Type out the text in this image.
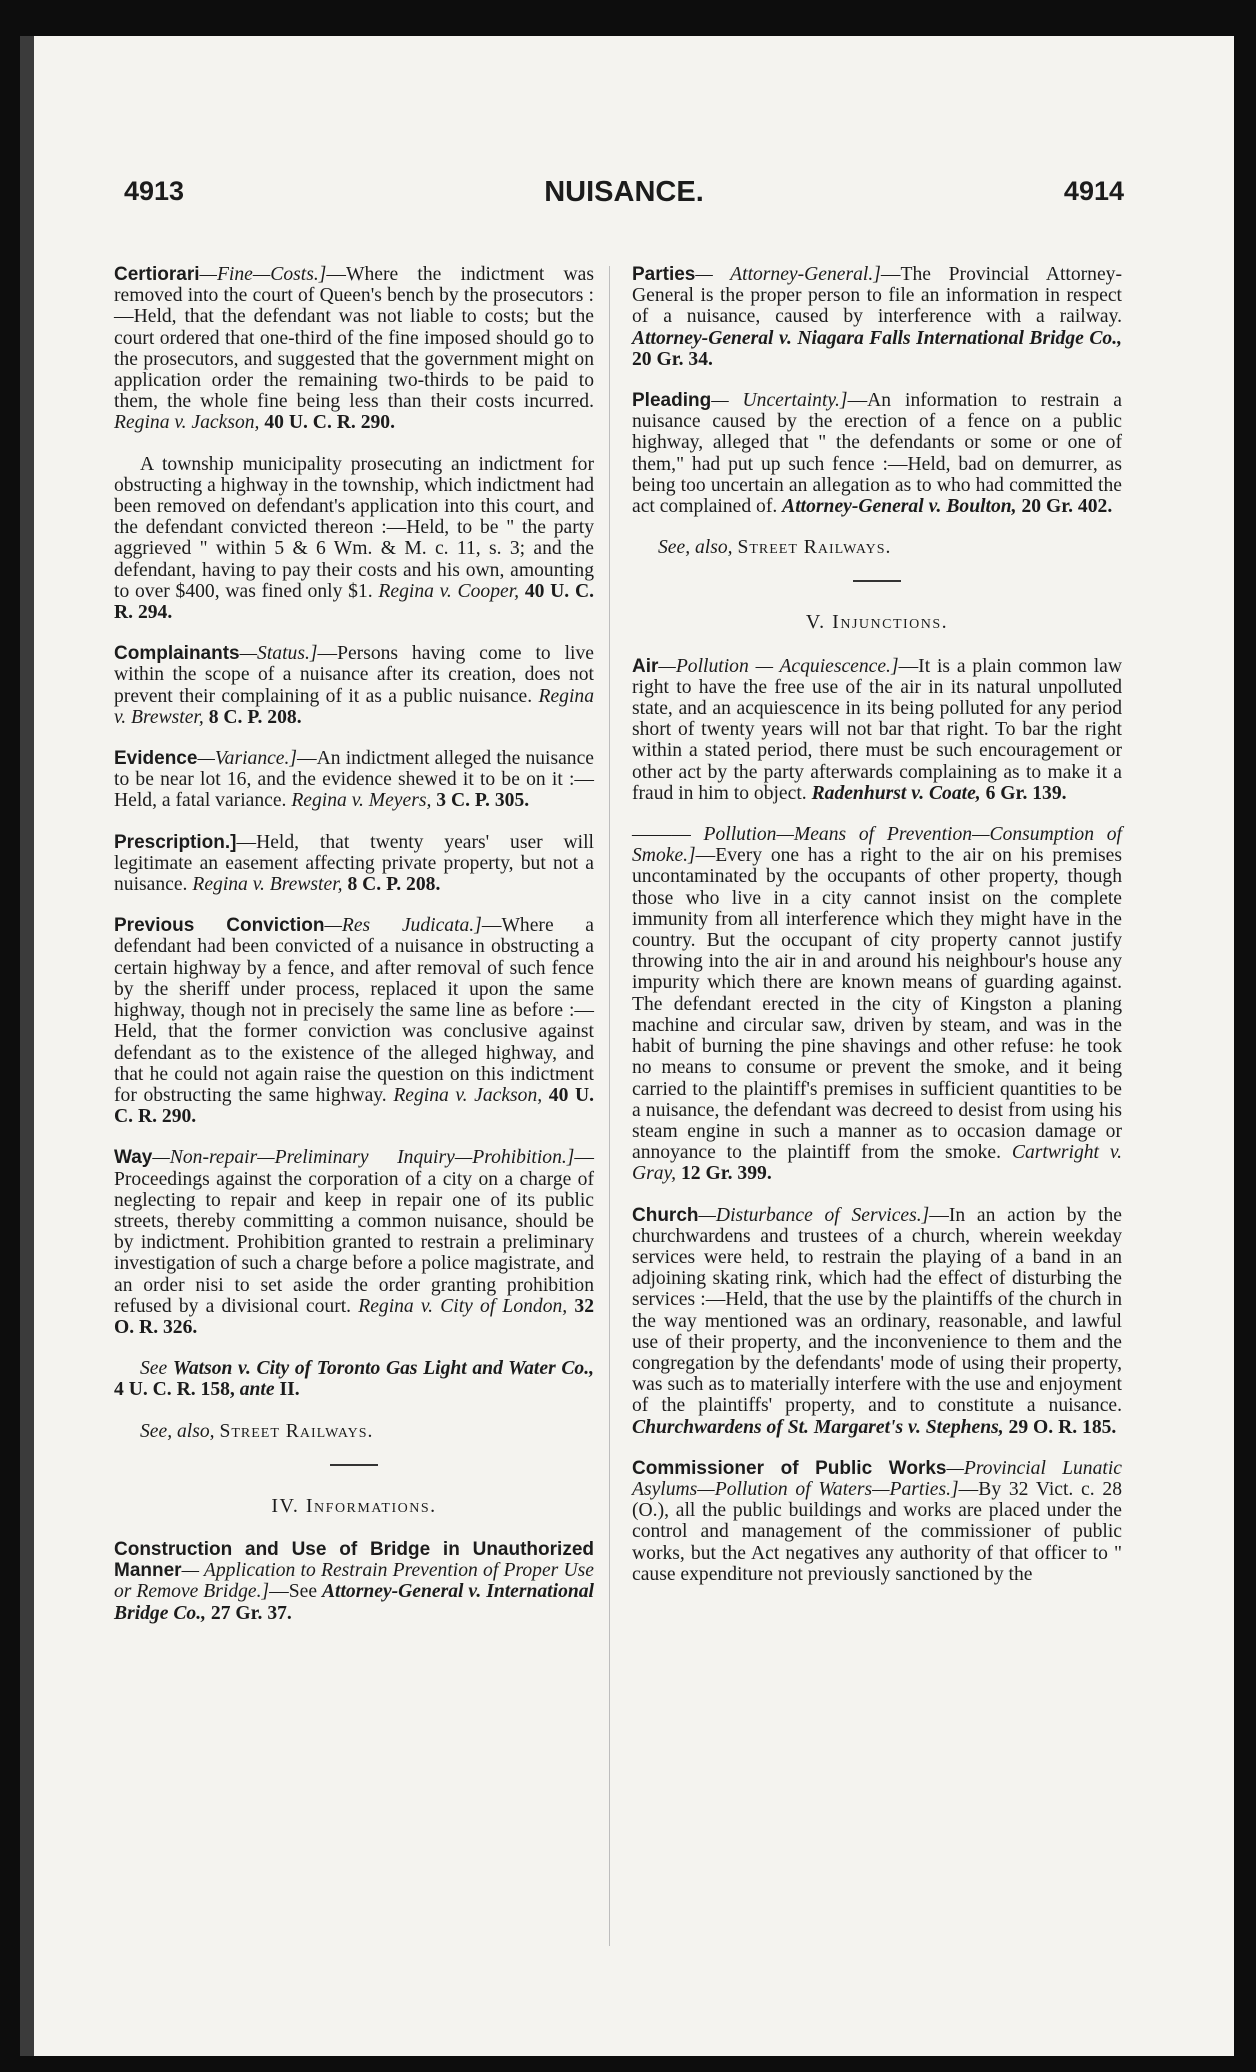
4913	NUISANCE.	4914

Certiorari—Fine—Costs.]—Where the indictment was removed into the court of Queen's bench by the prosecutors :—Held, that the defendant was not liable to costs; but the court ordered that one-third of the fine imposed should go to the prosecutors, and suggested that the government might on application order the remaining two-thirds to be paid to them, the whole fine being less than their costs incurred. Regina v. Jackson, 40 U. C. R. 290.

A township municipality prosecuting an indictment for obstructing a highway in the township, which indictment had been removed on defendant's application into this court, and the defendant convicted thereon :—Held, to be " the party aggrieved " within 5 & 6 Wm. & M. c. 11, s. 3; and the defendant, having to pay their costs and his own, amounting to over $400, was fined only $1. Regina v. Cooper, 40 U. C. R. 294.

Complainants—Status.]—Persons having come to live within the scope of a nuisance after its creation, does not prevent their complaining of it as a public nuisance. Regina v. Brewster, 8 C. P. 208.

Evidence—Variance.]—An indictment alleged the nuisance to be near lot 16, and the evidence shewed it to be on it :—Held, a fatal variance. Regina v. Meyers, 3 C. P. 305.

Prescription.]—Held, that twenty years' user will legitimate an easement affecting private property, but not a nuisance. Regina v. Brewster, 8 C. P. 208.

Previous Conviction—Res Judicata.]—Where a defendant had been convicted of a nuisance in obstructing a certain highway by a fence, and after removal of such fence by the sheriff under process, replaced it upon the same highway, though not in precisely the same line as before :—Held, that the former conviction was conclusive against defendant as to the existence of the alleged highway, and that he could not again raise the question on this indictment for obstructing the same highway. Regina v. Jackson, 40 U. C. R. 290.

Way—Non-repair—Preliminary Inquiry—Prohibition.]—Proceedings against the corporation of a city on a charge of neglecting to repair and keep in repair one of its public streets, thereby committing a common nuisance, should be by indictment. Prohibition granted to restrain a preliminary investigation of such a charge before a police magistrate, and an order nisi to set aside the order granting prohibition refused by a divisional court. Regina v. City of London, 32 O. R. 326.

See Watson v. City of Toronto Gas Light and Water Co., 4 U. C. R. 158, ante II.

See, also, Street Railways.

IV. Informations.

Construction and Use of Bridge in Unauthorized Manner— Application to Restrain Prevention of Proper Use or Remove Bridge.]—See Attorney-General v. International Bridge Co., 27 Gr. 37.

Parties— Attorney-General.]—The Provincial Attorney-General is the proper person to file an information in respect of a nuisance, caused by interference with a railway. Attorney-General v. Niagara Falls International Bridge Co., 20 Gr. 34.

Pleading— Uncertainty.]—An information to restrain a nuisance caused by the erection of a fence on a public highway, alleged that " the defendants or some or one of them," had put up such fence :—Held, bad on demurrer, as being too uncertain an allegation as to who had committed the act complained of. Attorney-General v. Boulton, 20 Gr. 402.

See, also, Street Railways.

V. Injunctions.

Air—Pollution — Acquiescence.]—It is a plain common law right to have the free use of the air in its natural unpolluted state, and an acquiescence in its being polluted for any period short of twenty years will not bar that right. To bar the right within a stated period, there must be such encouragement or other act by the party afterwards complaining as to make it a fraud in him to object. Radenhurst v. Coate, 6 Gr. 139.

——— Pollution—Means of Prevention—Consumption of Smoke.]—Every one has a right to the air on his premises uncontaminated by the occupants of other property, though those who live in a city cannot insist on the complete immunity from all interference which they might have in the country. But the occupant of city property cannot justify throwing into the air in and around his neighbour's house any impurity which there are known means of guarding against. The defendant erected in the city of Kingston a planing machine and circular saw, driven by steam, and was in the habit of burning the pine shavings and other refuse: he took no means to consume or prevent the smoke, and it being carried to the plaintiff's premises in sufficient quantities to be a nuisance, the defendant was decreed to desist from using his steam engine in such a manner as to occasion damage or annoyance to the plaintiff from the smoke. Cartwright v. Gray, 12 Gr. 399.

Church—Disturbance of Services.]—In an action by the churchwardens and trustees of a church, wherein weekday services were held, to restrain the playing of a band in an adjoining skating rink, which had the effect of disturbing the services :—Held, that the use by the plaintiffs of the church in the way mentioned was an ordinary, reasonable, and lawful use of their property, and the inconvenience to them and the congregation by the defendants' mode of using their property, was such as to materially interfere with the use and enjoyment of the plaintiffs' property, and to constitute a nuisance. Churchwardens of St. Margaret's v. Stephens, 29 O. R. 185.

Commissioner of Public Works—Provincial Lunatic Asylums—Pollution of Waters—Parties.]—By 32 Vict. c. 28 (O.), all the public buildings and works are placed under the control and management of the commissioner of public works, but the Act negatives any authority of that officer to " cause expenditure not previously sanctioned by the
